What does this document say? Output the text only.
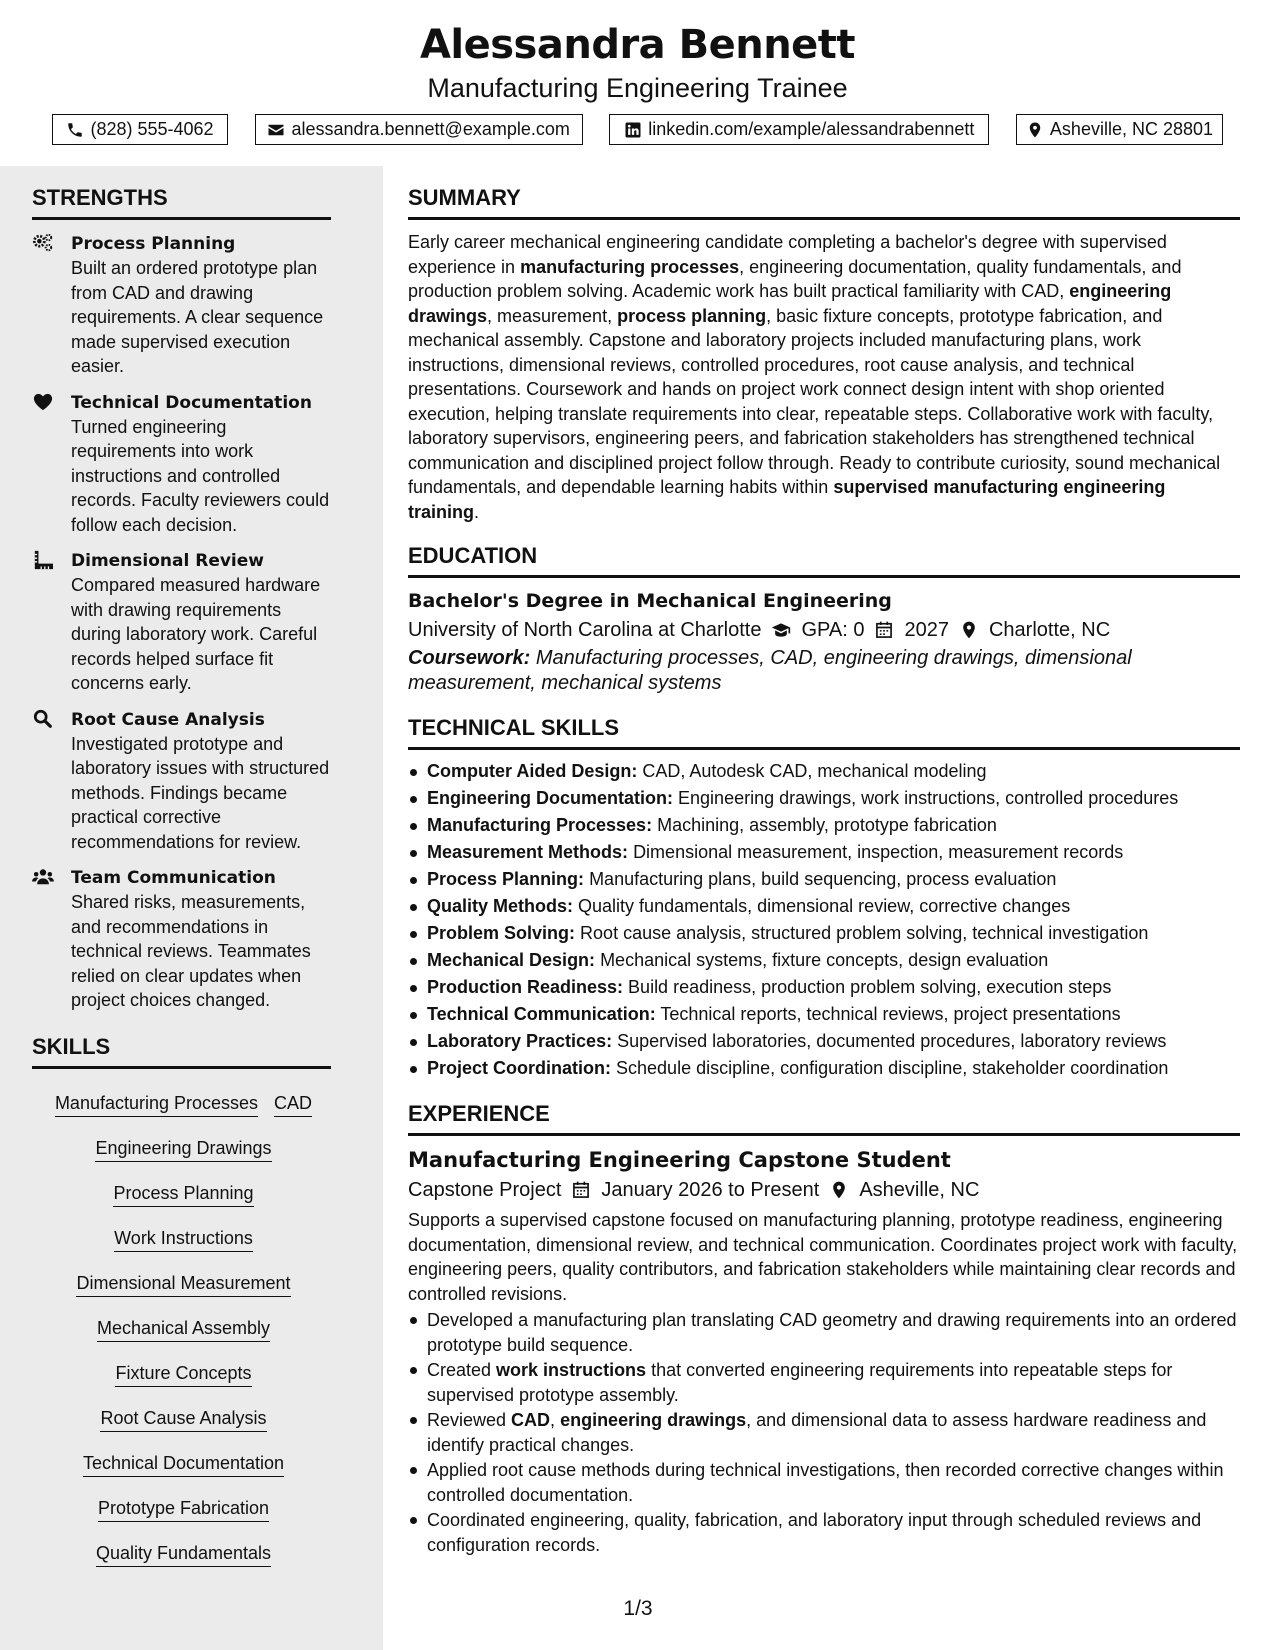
Alessandra Bennett
Manufacturing Engineering Trainee
(828) 555-4062	alessandra.bennett@example.com	linkedin.com/example/alessandrabennett	Asheville, NC 28801
STRENGTHS
Process Planning
Built an ordered prototype plan from CAD and drawing requirements. A clear sequence made supervised execution easier.
Technical Documentation
Turned engineering requirements into work instructions and controlled records. Faculty reviewers could follow each decision.
Dimensional Review
Compared measured hardware with drawing requirements during laboratory work. Careful records helped surface fit concerns early.
Root Cause Analysis
Investigated prototype and laboratory issues with structured methods. Findings became practical corrective recommendations for review.
Team Communication
Shared risks, measurements, and recommendations in technical reviews. Teammates relied on clear updates when project choices changed.
SKILLS
Manufacturing Processes CAD
Engineering Drawings
Process Planning
Work Instructions
Dimensional Measurement
Mechanical Assembly
Fixture Concepts
Root Cause Analysis
Technical Documentation
Prototype Fabrication
Quality Fundamentals
SUMMARY

Early career mechanical engineering candidate completing a bachelor's degree with supervised experience in manufacturing processes, engineering documentation, quality fundamentals, and production problem solving. Academic work has built practical familiarity with CAD, engineering drawings, measurement, process planning, basic fixture concepts, prototype fabrication, and mechanical assembly. Capstone and laboratory projects included manufacturing plans, work instructions, dimensional reviews, controlled procedures, root cause analysis, and technical presentations. Coursework and hands on project work connect design intent with shop oriented execution, helping translate requirements into clear, repeatable steps. Collaborative work with faculty, laboratory supervisors, engineering peers, and fabrication stakeholders has strengthened technical communication and disciplined project follow through. Ready to contribute curiosity, sound mechanical fundamentals, and dependable learning habits within supervised manufacturing engineering training.

EDUCATION
Bachelor's Degree in Mechanical Engineering
University of North Carolina at Charlotte GPA: 0 2027 Charlotte, NC

Coursework: Manufacturing processes, CAD, engineering drawings, dimensional measurement, mechanical systems

TECHNICAL SKILLS
Computer Aided Design: CAD, Autodesk CAD, mechanical modeling
Engineering Documentation: Engineering drawings, work instructions, controlled procedures
Manufacturing Processes: Machining, assembly, prototype fabrication
Measurement Methods: Dimensional measurement, inspection, measurement records
Process Planning: Manufacturing plans, build sequencing, process evaluation
Quality Methods: Quality fundamentals, dimensional review, corrective changes
Problem Solving: Root cause analysis, structured problem solving, technical investigation
Mechanical Design: Mechanical systems, fixture concepts, design evaluation
Production Readiness: Build readiness, production problem solving, execution steps
Technical Communication: Technical reports, technical reviews, project presentations
Laboratory Practices: Supervised laboratories, documented procedures, laboratory reviews
Project Coordination: Schedule discipline, configuration discipline, stakeholder coordination
EXPERIENCE
Manufacturing Engineering Capstone Student
Capstone Project January 2026 to Present Asheville, NC

Supports a supervised capstone focused on manufacturing planning, prototype readiness, engineering documentation, dimensional review, and technical communication. Coordinates project work with faculty, engineering peers, quality contributors, and fabrication stakeholders while maintaining clear records and controlled revisions.

Developed a manufacturing plan translating CAD geometry and drawing requirements into an ordered prototype build sequence.
Created work instructions that converted engineering requirements into repeatable steps for supervised prototype assembly.
Reviewed CAD, engineering drawings, and dimensional data to assess hardware readiness and identify practical changes.
Applied root cause methods during technical investigations, then recorded corrective changes within controlled documentation.
Coordinated engineering, quality, fabrication, and laboratory input through scheduled reviews and configuration records.
1/3
